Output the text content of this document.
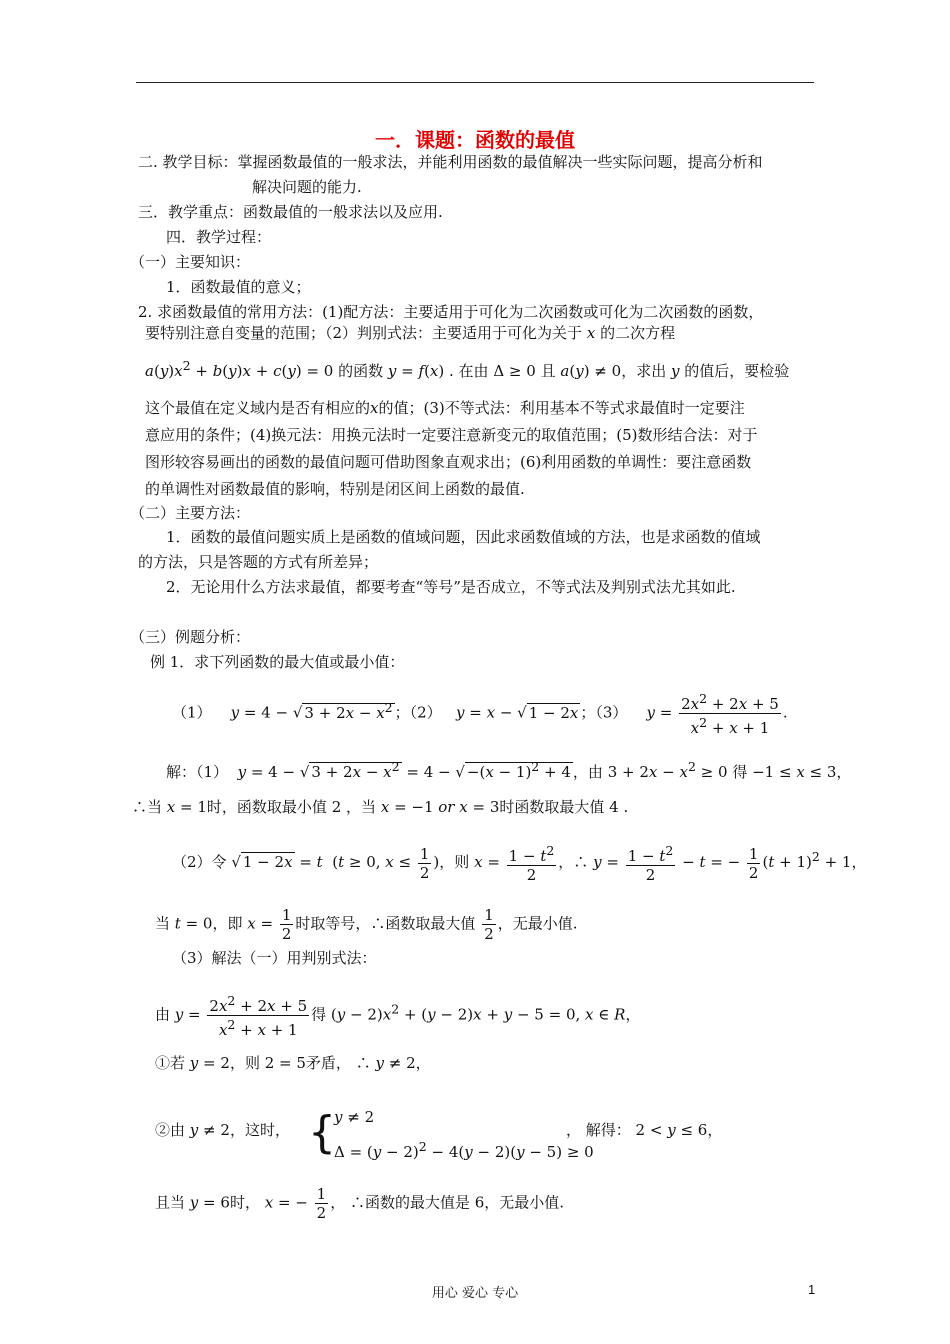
一．课题：函数的最值
二. 教学目标：掌握函数最值的一般求法，并能利用函数的最值解决一些实际问题，提高分析和
解决问题的能力.
三．教学重点：函数最值的一般求法以及应用.
四．教学过程：
（一）主要知识：
1．函数最值的意义；
2. 求函数最值的常用方法：(1)配方法：主要适用于可化为二次函数或可化为二次函数的函数，
要特别注意自变量的范围；（2）判别式法：主要适用于可化为关于 x 的二次方程
$a(y)x^2 + b(y)x + c(y) = 0$ 的函数 y = f(x) . 在由 Δ ≥ 0 且 a(y) ≠ 0，求出 y 的值后，要检验
这个最值在定义域内是否有相应的x的值；(3)不等式法：利用基本不等式求最值时一定要注
意应用的条件；(4)换元法：用换元法时一定要注意新变元的取值范围；(5)数形结合法：对于
图形较容易画出的函数的最值问题可借助图象直观求出；(6)利用函数的单调性：要注意函数
的单调性对函数最值的影响，特别是闭区间上函数的最值.
（二）主要方法：
1．函数的最值问题实质上是函数的值域问题，因此求函数值域的方法，也是求函数的值域
的方法，只是答题的方式有所差异；
2．无论用什么方法求最值，都要考查“等号”是否成立，不等式法及判别式法尤其如此.
（三）例题分析：
例 1．求下列函数的最大值或最小值：
（1） y = 4 − √ $3 + 2x - x^2$ ；（2） y = x − √ 1 − 2x ；（3） $y = \frac{2x^2 + 2x + 5}{x^2 + x + 1}$ .
解：（1） y = 4 − √ $3 + 2x - x^2 = 4$ − √ $-(x - 1)^2 + 4$ ，由 $3 + 2x - x^2 \ge 0$ 得 −1 ≤ x ≤ 3，
∴当 x = 1时，函数取最小值 2 ，当 x = −1 or x = 3时函数取最大值 4 .
（2）令 √ 1 − 2x = t  (t ≥ 0, $x \le \frac{1}{2}$ )，则 $x = \frac{1 - t^2}{2}$ ，∴ $y = \frac{1 - t^2}{2} - t$ = − $\frac{1}{2} (t + 1)^2 + 1$，
当 t = 0，即 $x = \frac{1}{2}$ 时取等号，∴函数取最大值 $\frac{1}{2}$ ，无最小值.
（3）解法（一）用判别式法：
由 $y = \frac{2x^2 + 2x + 5}{x^2 + x + 1}$ 得 $(y - 2)x^2 + (y - 2)x + y - 5 = 0$, x ∈ R，
①若 y = 2，则 2 = 5矛盾， ∴ y ≠ 2，
②由 y ≠ 2，这时， {
y ≠ 2
$\Delta = (y - 2)^2 - 4(y - 2)(y - 5) \ge 0$
， 解得： 2 < y ≤ 6，
且当 y = 6时， x = − $\frac{1}{2}$ ， ∴函数的最大值是 6，无最小值.
用心 爱心 专心	1
